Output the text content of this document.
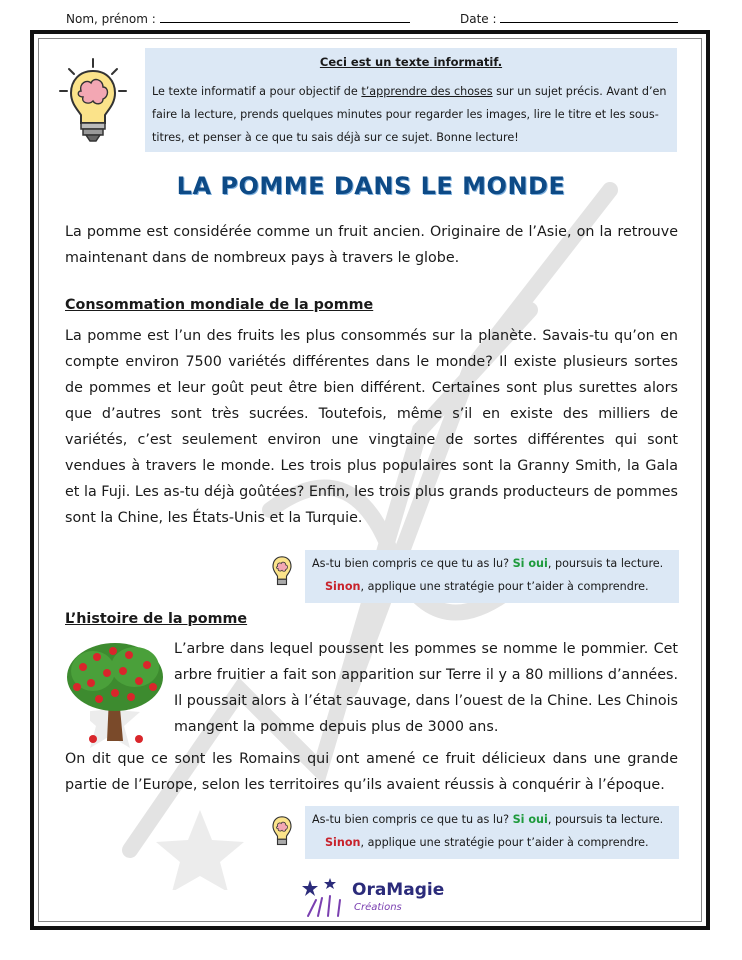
Nom, prénom :	Date :
Ceci est un texte informatif.
Le texte informatif a pour objectif de t’apprendre des choses sur un sujet précis. Avant d’en faire la lecture, prends quelques minutes pour regarder les images, lire le titre et les sous-titres, et penser à ce que tu sais déjà sur ce sujet. Bonne lecture!
LA POMME DANS LE MONDE
La pomme est considérée comme un fruit ancien. Originaire de l’Asie, on la retrouve maintenant dans de nombreux pays à travers le globe.
Consommation mondiale de la pomme
La pomme est l’un des fruits les plus consommés sur la planète. Savais-tu qu’on en compte environ 7500 variétés différentes dans le monde? Il existe plusieurs sortes de pommes et leur goût peut être bien différent. Certaines sont plus surettes alors que d’autres sont très sucrées. Toutefois, même s’il en existe des milliers de variétés, c’est seulement environ une vingtaine de sortes différentes qui sont vendues à travers le monde. Les trois plus populaires sont la Granny Smith, la Gala et la Fuji. Les as-tu déjà goûtées? Enfin, les trois plus grands producteurs de pommes sont la Chine, les États-Unis et la Turquie.
As-tu bien compris ce que tu as lu? Si oui, poursuis ta lecture.
Sinon, applique une stratégie pour t’aider à comprendre.
L’histoire de la pomme
L’arbre dans lequel poussent les pommes se nomme le pommier. Cet arbre fruitier a fait son apparition sur Terre il y a 80 millions d’années. Il poussait alors à l’état sauvage, dans l’ouest de la Chine. Les Chinois mangent la pomme depuis plus de 3000 ans.
On dit que ce sont les Romains qui ont amené ce fruit délicieux dans une grande partie de l’Europe, selon les territoires qu’ils avaient réussis à conquérir à l’époque.
As-tu bien compris ce que tu as lu? Si oui, poursuis ta lecture.
Sinon, applique une stratégie pour t’aider à comprendre.
OraMagie
Créations
